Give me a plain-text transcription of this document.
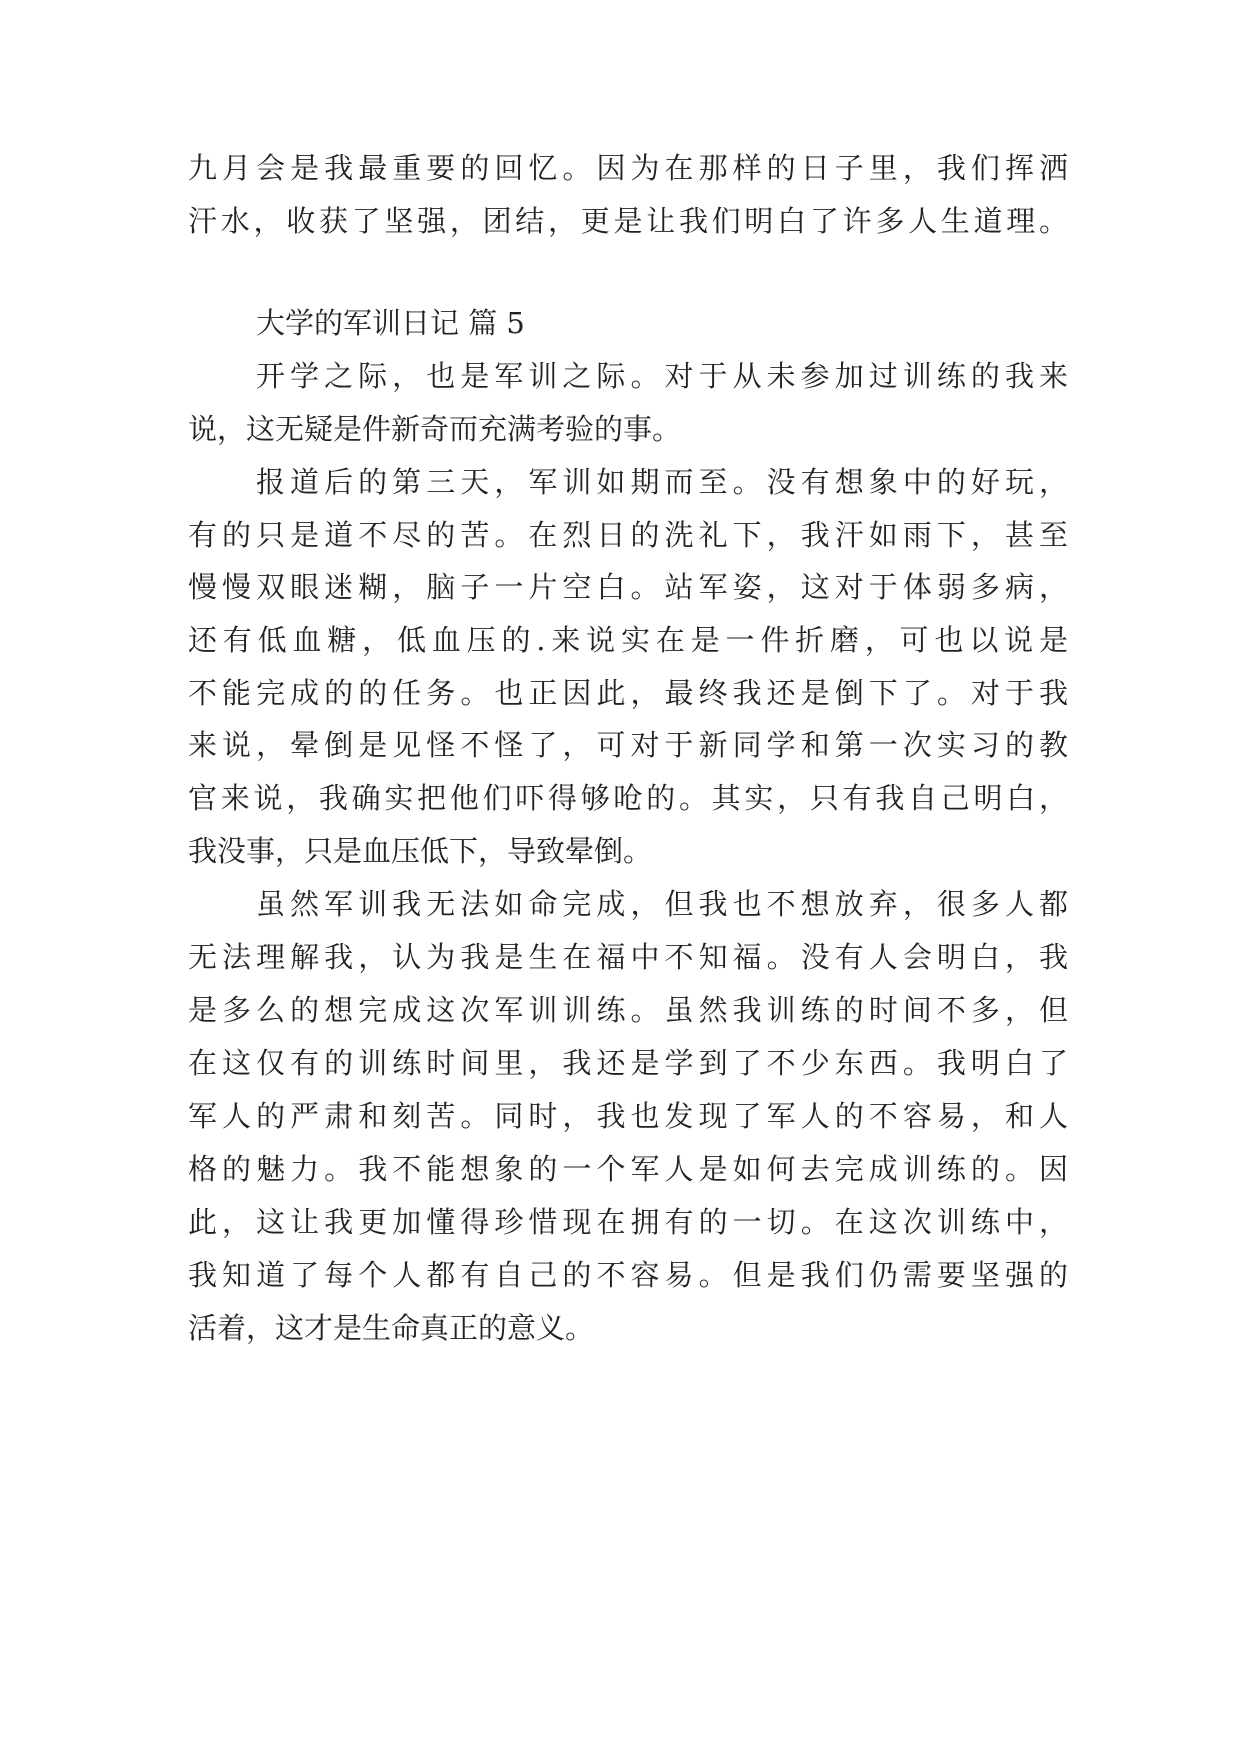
九月会是我最重要的回忆。因为在那样的日子里，我们挥洒
汗水，收获了坚强，团结，更是让我们明白了许多人生道理。
大学的军训日记 篇 5
开学之际，也是军训之际。对于从未参加过训练的我来
说，这无疑是件新奇而充满考验的事。
报道后的第三天，军训如期而至。没有想象中的好玩，
有的只是道不尽的苦。在烈日的洗礼下，我汗如雨下，甚至
慢慢双眼迷糊，脑子一片空白。站军姿，这对于体弱多病，
还有低血糖，低血压的.来说实在是一件折磨，可也以说是
不能完成的的任务。也正因此，最终我还是倒下了。对于我
来说，晕倒是见怪不怪了，可对于新同学和第一次实习的教
官来说，我确实把他们吓得够呛的。其实，只有我自己明白，
我没事，只是血压低下，导致晕倒。
虽然军训我无法如命完成，但我也不想放弃，很多人都
无法理解我，认为我是生在福中不知福。没有人会明白，我
是多么的想完成这次军训训练。虽然我训练的时间不多，但
在这仅有的训练时间里，我还是学到了不少东西。我明白了
军人的严肃和刻苦。同时，我也发现了军人的不容易，和人
格的魅力。我不能想象的一个军人是如何去完成训练的。因
此，这让我更加懂得珍惜现在拥有的一切。在这次训练中，
我知道了每个人都有自己的不容易。但是我们仍需要坚强的
活着，这才是生命真正的意义。
